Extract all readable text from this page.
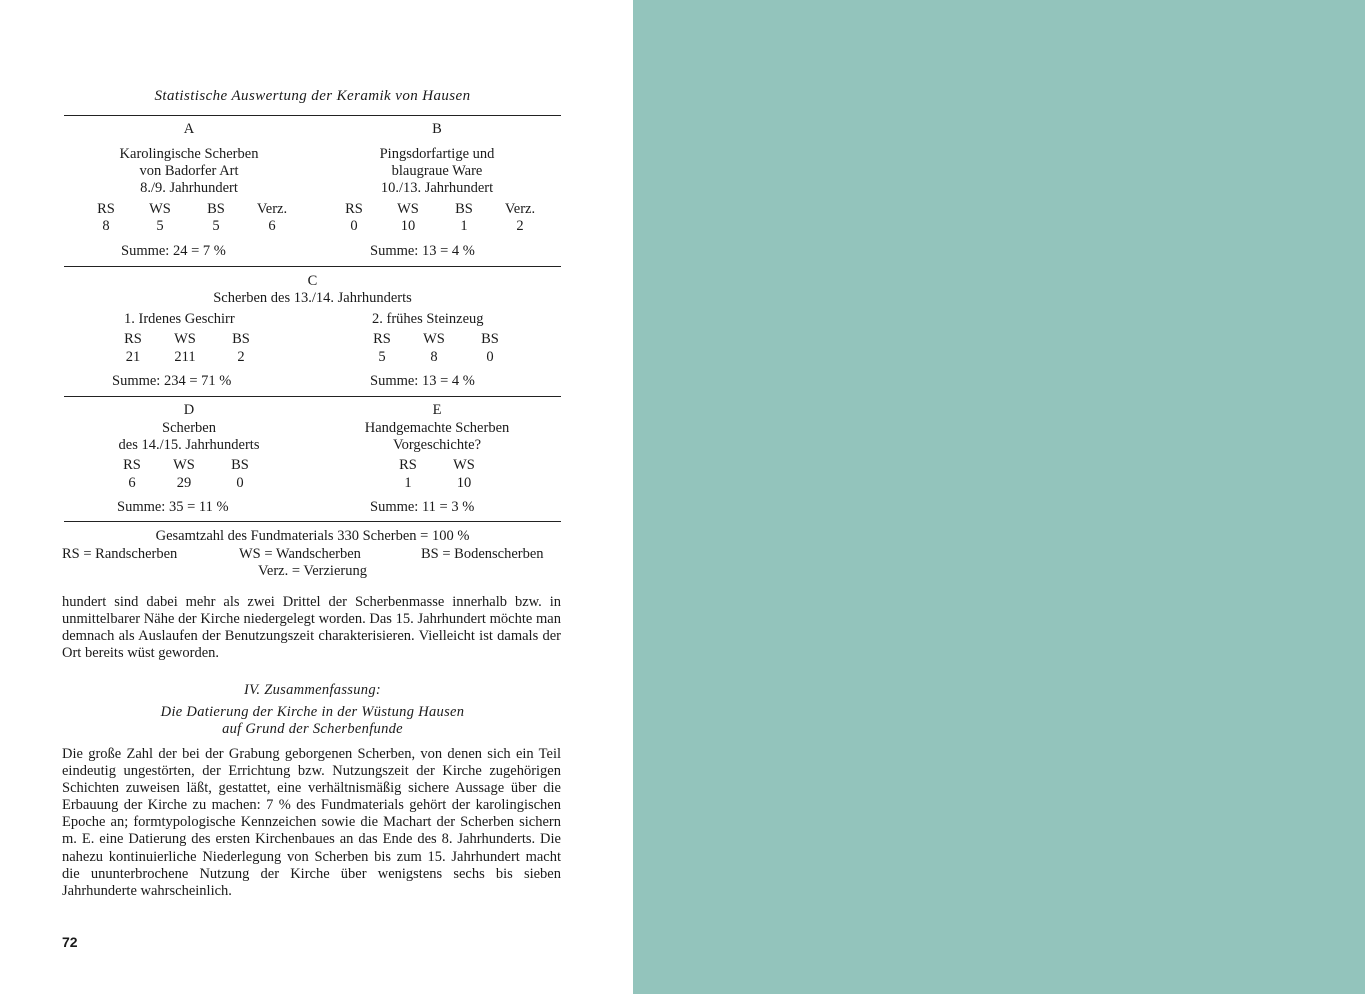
Statistische Auswertung der Keramik von Hausen
A
Karolingische Scherben
von Badorfer Art
8./9. Jahrhundert
RS	WS	BS	Verz.
8	5	5	6
Summe: 24 = 7 %
B
Pingsdorfartige und
blaugraue Ware
10./13. Jahrhundert
RS	WS	BS	Verz.
0	10	1	2
Summe: 13 = 4 %
C
Scherben des 13./14. Jahrhunderts
1. Irdenes Geschirr	2. frühes Steinzeug
RS	WS	BS
21	211	2
RS	WS	BS
5	8	0
Summe: 234 = 71 %	Summe: 13 = 4 %
D
Scherben
des 14./15. Jahrhunderts
RS	WS	BS
6	29	0
Summe: 35 = 11 %
E
Handgemachte Scherben
Vorgeschichte?
RS	WS
1	10
Summe: 11 = 3 %
Gesamtzahl des Fundmaterials 330 Scherben = 100 %
RS = Randscherben	WS = Wandscherben	BS = Bodenscherben
Verz. = Verzierung
hundert sind dabei mehr als zwei Drittel der Scherbenmasse innerhalb bzw. in unmittelbarer Nähe der Kirche niedergelegt worden. Das 15. Jahrhundert möchte man demnach als Auslaufen der Benutzungszeit charakterisieren. Vielleicht ist damals der Ort bereits wüst geworden.
IV. Zusammenfassung:
Die Datierung der Kirche in der Wüstung Hausen
auf Grund der Scherbenfunde
Die große Zahl der bei der Grabung geborgenen Scherben, von denen sich ein Teil eindeutig ungestörten, der Errichtung bzw. Nutzungszeit der Kirche zugehörigen Schichten zuweisen läßt, gestattet, eine verhältnismäßig sichere Aussage über die Erbauung der Kirche zu machen: 7 % des Fundmaterials gehört der karolingischen Epoche an; formtypologische Kennzeichen sowie die Machart der Scherben sichern m. E. eine Datierung des ersten Kirchenbaues an das Ende des 8. Jahrhunderts. Die nahezu kontinuierliche Niederlegung von Scherben bis zum 15. Jahrhundert macht die ununterbrochene Nutzung der Kirche über wenigstens sechs bis sieben Jahrhunderte wahrscheinlich.
72
